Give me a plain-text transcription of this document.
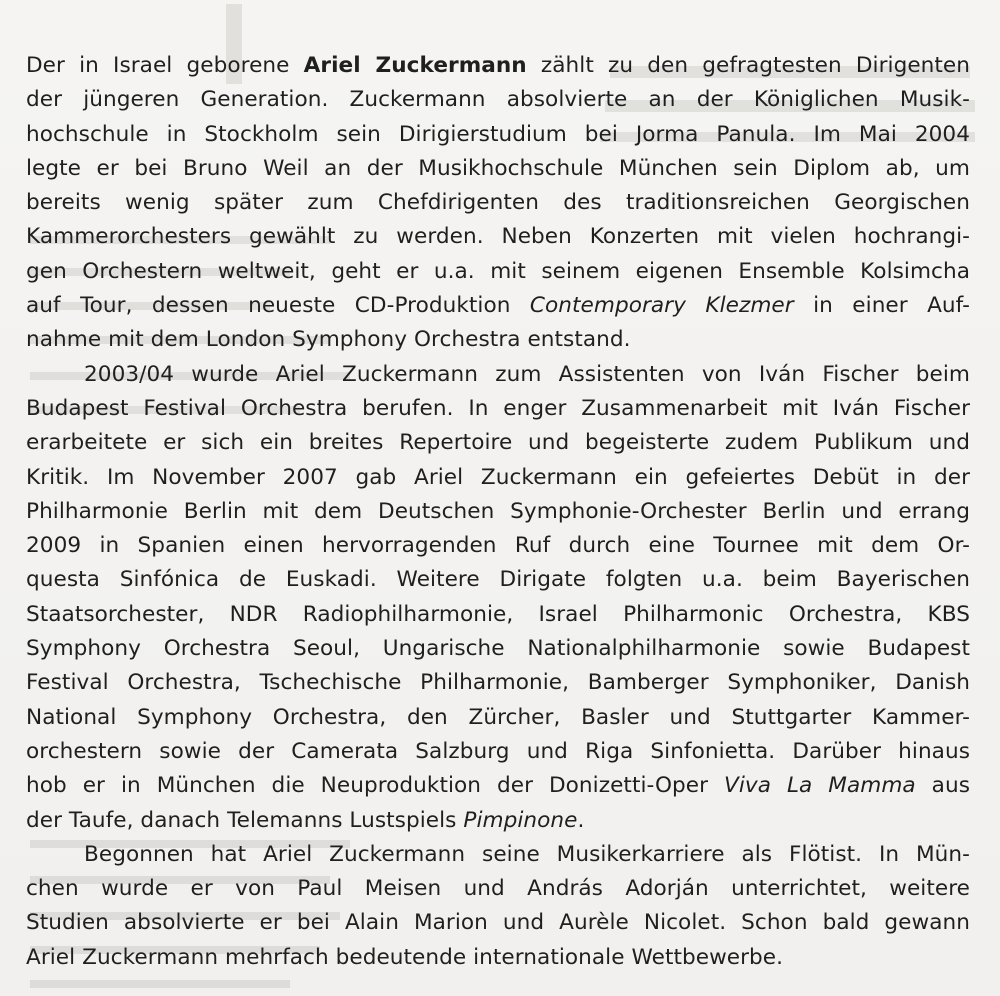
Der in Israel geborene Ariel Zuckermann zählt zu den gefragtesten Dirigenten
der jüngeren Generation. Zuckermann absolvierte an der Königlichen Musik-
hochschule in Stockholm sein Dirigierstudium bei Jorma Panula. Im Mai 2004
legte er bei Bruno Weil an der Musikhochschule München sein Diplom ab, um
bereits wenig später zum Chefdirigenten des traditionsreichen Georgischen
Kammerorchesters gewählt zu werden. Neben Konzerten mit vielen hochrangi-
gen Orchestern weltweit, geht er u.a. mit seinem eigenen Ensemble Kolsimcha
auf Tour, dessen neueste CD-Produktion Contemporary Klezmer in einer Auf-
nahme mit dem London Symphony Orchestra entstand.
2003/04 wurde Ariel Zuckermann zum Assistenten von Iván Fischer beim
Budapest Festival Orchestra berufen. In enger Zusammenarbeit mit Iván Fischer
erarbeitete er sich ein breites Repertoire und begeisterte zudem Publikum und
Kritik. Im November 2007 gab Ariel Zuckermann ein gefeiertes Debüt in der
Philharmonie Berlin mit dem Deutschen Symphonie-Orchester Berlin und errang
2009 in Spanien einen hervorragenden Ruf durch eine Tournee mit dem Or-
questa Sinfónica de Euskadi. Weitere Dirigate folgten u.a. beim Bayerischen
Staatsorchester, NDR Radiophilharmonie, Israel Philharmonic Orchestra, KBS
Symphony Orchestra Seoul, Ungarische Nationalphilharmonie sowie Budapest
Festival Orchestra, Tschechische Philharmonie, Bamberger Symphoniker, Danish
National Symphony Orchestra, den Zürcher, Basler und Stuttgarter Kammer-
orchestern sowie der Camerata Salzburg und Riga Sinfonietta. Darüber hinaus
hob er in München die Neuproduktion der Donizetti-Oper Viva La Mamma aus
der Taufe, danach Telemanns Lustspiels Pimpinone.
Begonnen hat Ariel Zuckermann seine Musikerkarriere als Flötist. In Mün-
chen wurde er von Paul Meisen und András Adorján unterrichtet, weitere
Studien absolvierte er bei Alain Marion und Aurèle Nicolet. Schon bald gewann
Ariel Zuckermann mehrfach bedeutende internationale Wettbewerbe.
